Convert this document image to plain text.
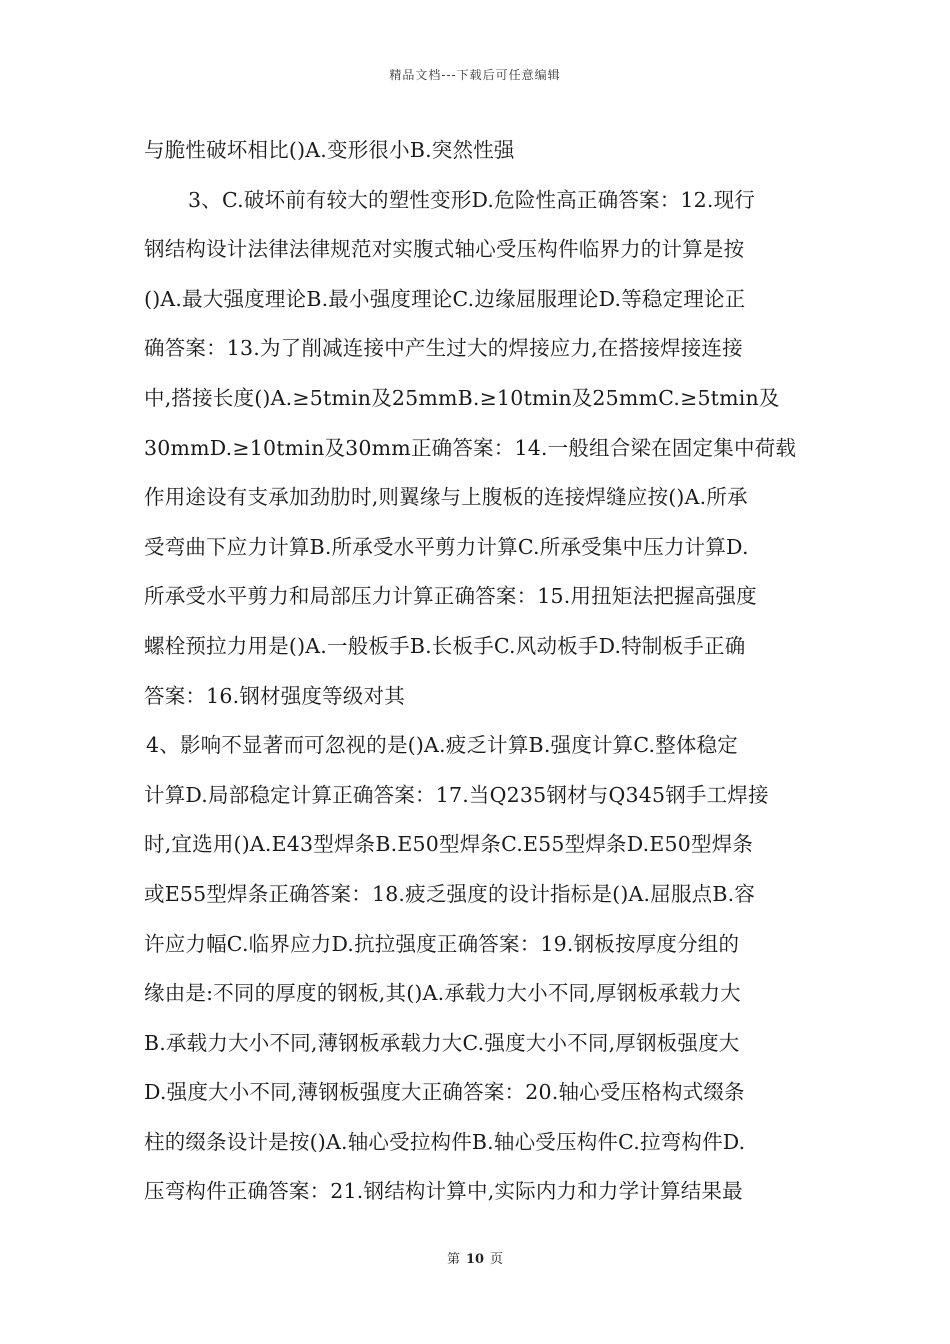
精品文档---下载后可任意编辑
与脆性破坏相比()A.变形很小B.突然性强
3、C.破坏前有较大的塑性变形D.危险性高正确答案：12.现行
钢结构设计法律法律规范对实腹式轴心受压构件临界力的计算是按
()A.最大强度理论B.最小强度理论C.边缘屈服理论D.等稳定理论正
确答案：13.为了削减连接中产生过大的焊接应力,在搭接焊接连接
中,搭接长度()A.≥5tmin及25mmB.≥10tmin及25mmC.≥5tmin及
30mmD.≥10tmin及30mm正确答案：14.一般组合梁在固定集中荷载
作用途设有支承加劲肋时,则翼缘与上腹板的连接焊缝应按()A.所承
受弯曲下应力计算B.所承受水平剪力计算C.所承受集中压力计算D.
所承受水平剪力和局部压力计算正确答案：15.用扭矩法把握高强度
螺栓预拉力用是()A.一般板手B.长板手C.风动板手D.特制板手正确
答案：16.钢材强度等级对其
4、影响不显著而可忽视的是()A.疲乏计算B.强度计算C.整体稳定
计算D.局部稳定计算正确答案：17.当Q235钢材与Q345钢手工焊接
时,宜选用()A.E43型焊条B.E50型焊条C.E55型焊条D.E50型焊条
或E55型焊条正确答案：18.疲乏强度的设计指标是()A.屈服点B.容
许应力幅C.临界应力D.抗拉强度正确答案：19.钢板按厚度分组的
缘由是:不同的厚度的钢板,其()A.承载力大小不同,厚钢板承载力大
B.承载力大小不同,薄钢板承载力大C.强度大小不同,厚钢板强度大
D.强度大小不同,薄钢板强度大正确答案：20.轴心受压格构式缀条
柱的缀条设计是按()A.轴心受拉构件B.轴心受压构件C.拉弯构件D.
压弯构件正确答案：21.钢结构计算中,实际内力和力学计算结果最
第 10 页
